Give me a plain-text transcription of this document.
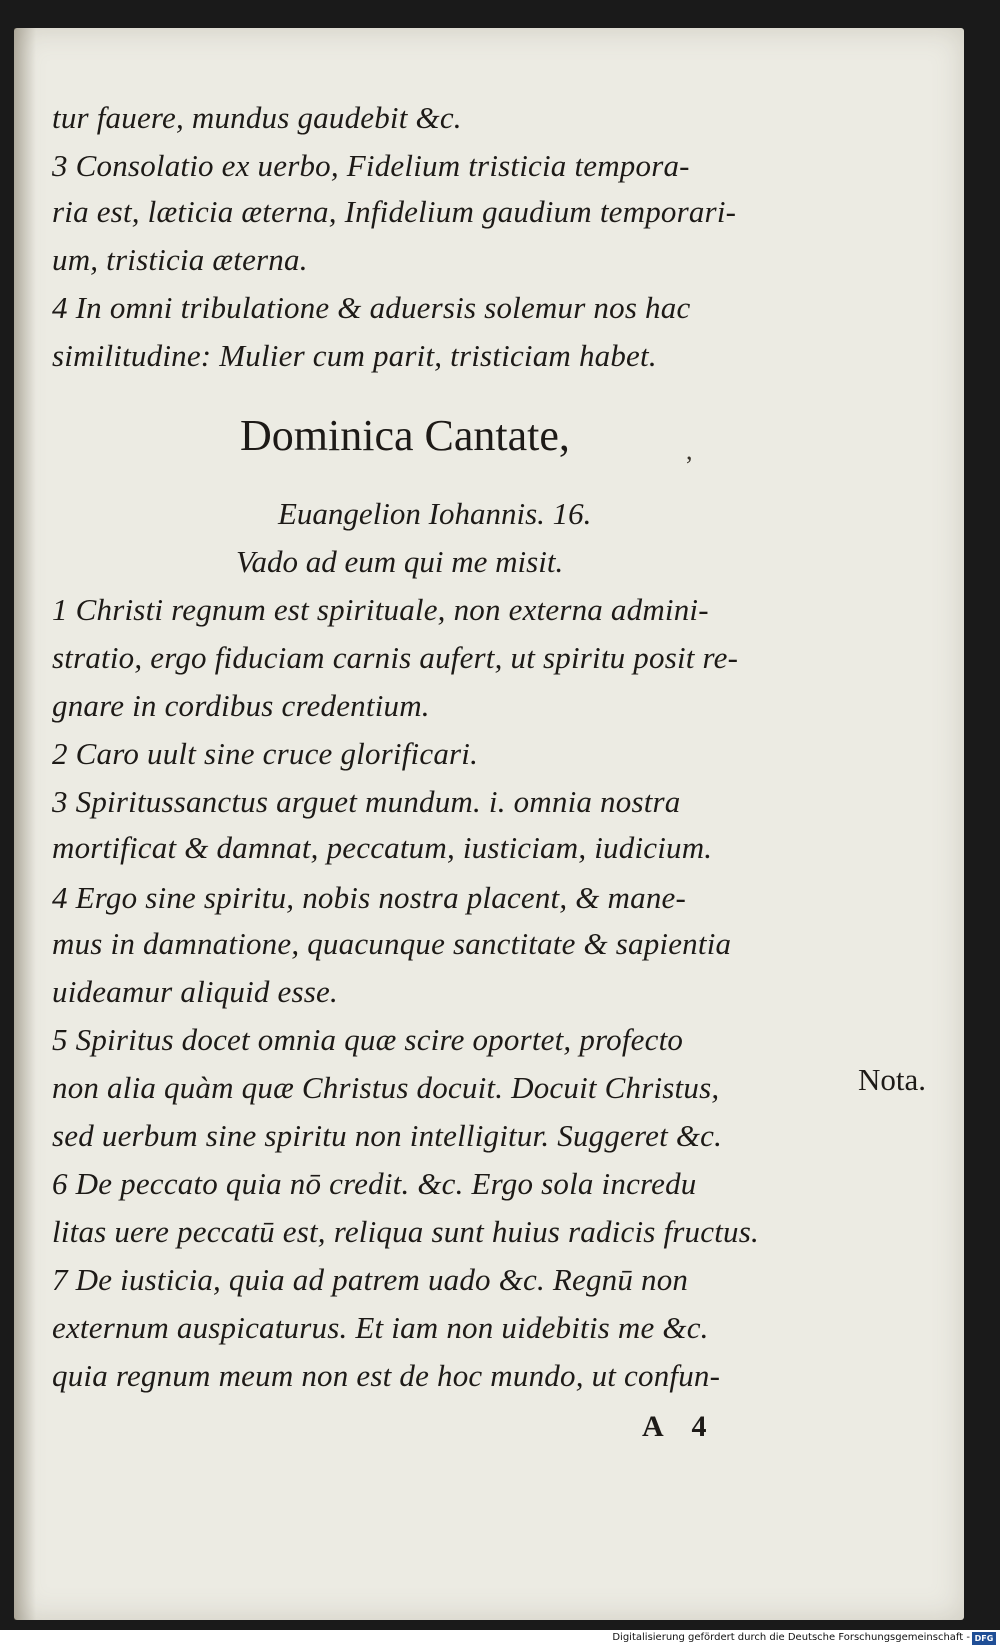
tur fauere, mundus gaudebit &c.
3 Consolatio ex uerbo, Fidelium tristicia tempora-
ria est, læticia æterna, Infidelium gaudium temporari-
um, tristicia æterna.
4 In omni tribulatione & aduersis solemur nos hac
similitudine: Mulier cum parit, tristiciam habet.
Dominica Cantate,	,
Euangelion Iohannis. 16.
Vado ad eum qui me misit.
1 Christi regnum est spirituale, non externa admini-
stratio, ergo fiduciam carnis aufert, ut spiritu posit re-
gnare in cordibus credentium.
2 Caro uult sine cruce glorificari.
3 Spiritussanctus arguet mundum. i. omnia nostra
mortificat & damnat, peccatum, iusticiam, iudicium.
4 Ergo sine spiritu, nobis nostra placent, & mane-
mus in damnatione, quacunque sanctitate & sapientia
uideamur aliquid esse.
5 Spiritus docet omnia quæ scire oportet, profecto
non alia quàm quæ Christus docuit. Docuit Christus,
sed uerbum sine spiritu non intelligitur. Suggeret &c.
6 De peccato quia nō credit. &c. Ergo sola incredu
litas uere peccatū est, reliqua sunt huius radicis fructus.
7 De iusticia, quia ad patrem uado &c. Regnū non
externum auspicaturus. Et iam non uidebitis me &c.
quia regnum meum non est de hoc mundo, ut confun-
Nota.
A 4
Digitalisierung gefördert durch die Deutsche Forschungsgemeinschaft - DFG
